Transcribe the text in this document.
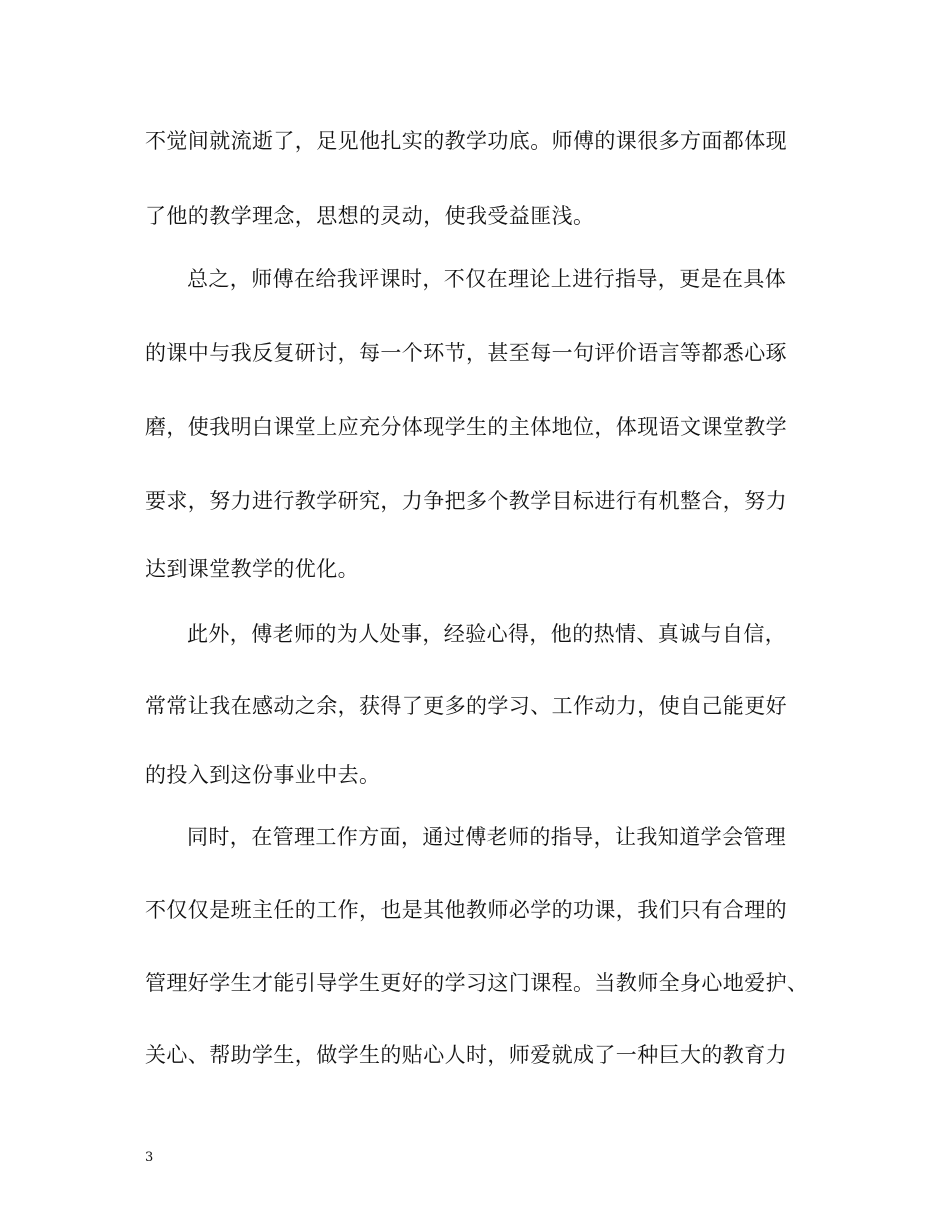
不觉间就流逝了，足见他扎实的教学功底。师傅的课很多方面都体现
了他的教学理念，思想的灵动，使我受益匪浅。
总之，师傅在给我评课时，不仅在理论上进行指导，更是在具体
的课中与我反复研讨，每一个环节，甚至每一句评价语言等都悉心琢
磨，使我明白课堂上应充分体现学生的主体地位，体现语文课堂教学
要求，努力进行教学研究，力争把多个教学目标进行有机整合，努力
达到课堂教学的优化。
此外，傅老师的为人处事，经验心得，他的热情、真诚与自信，
常常让我在感动之余，获得了更多的学习、工作动力，使自己能更好
的投入到这份事业中去。
同时，在管理工作方面，通过傅老师的指导，让我知道学会管理
不仅仅是班主任的工作，也是其他教师必学的功课，我们只有合理的
管理好学生才能引导学生更好的学习这门课程。当教师全身心地爱护、
关心、帮助学生，做学生的贴心人时，师爱就成了一种巨大的教育力
3
